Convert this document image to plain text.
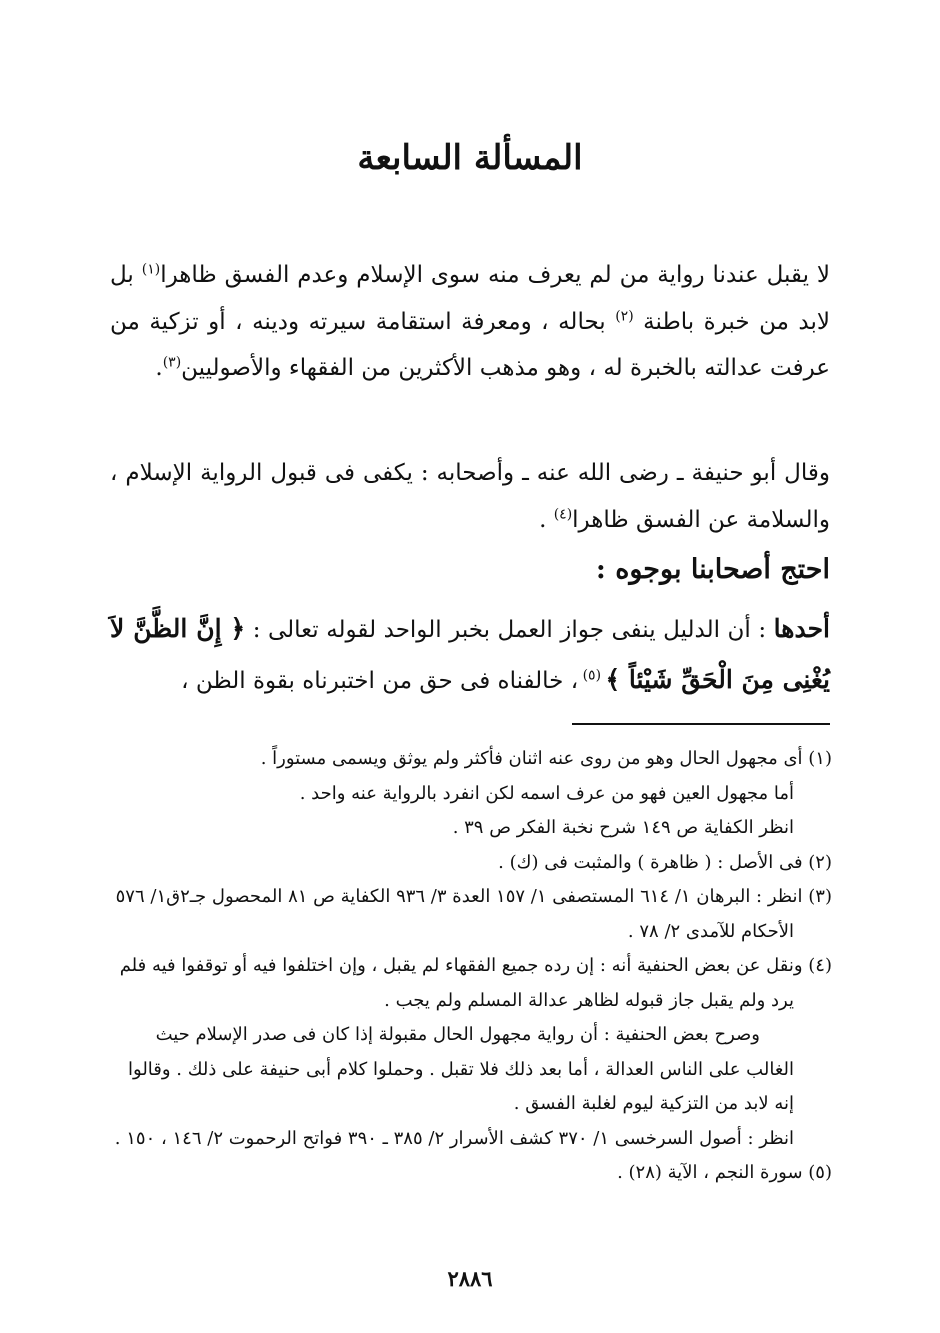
المسألة السابعة
لا يقبل عندنا رواية من لم يعرف منه سوى الإسلام وعدم الفسق ظاهرا$^{(١)}$ بل لابد من خبرة باطنة $^{(٢)}$ بحاله ، ومعرفة استقامة سيرته ودينه ، أو تزكية من عرفت عدالته بالخبرة له ، وهو مذهب الأكثرين من الفقهاء والأصوليين$^{(٣)}$.
وقال أبو حنيفة ـ رضى الله عنه ـ وأصحابه : يكفى فى قبول الرواية الإسلام ، والسلامة عن الفسق ظاهرا$^{(٤)}$ .
احتج أصحابنا بوجوه :
أحدها : أن الدليل ينفى جواز العمل بخبر الواحد لقوله تعالى : ﴿ إِنَّ الظَّنَّ لاَ يُغْنِى مِنَ الْحَقِّ شَيْئاً ﴾ $^{(٥)}$ ، خالفناه فى حق من اختبرناه بقوة الظن ،

(١) أى مجهول الحال وهو من روى عنه اثنان فأكثر ولم يوثق ويسمى مستوراً .

أما مجهول العين فهو من عرف اسمه لكن انفرد بالرواية عنه واحد .

انظر الكفاية ص ١٤٩ شرح نخبة الفكر ص ٣٩ .

(٢) فى الأصل : ( ظاهرة ) والمثبت فى (ك) .

(٣) انظر : البرهان ١/ ٦١٤ المستصفى ١/ ١٥٧ العدة ٣/ ٩٣٦ الكفاية ص ٨١ المحصول جـ٢ق١/ ٥٧٦ الأحكام للآمدى ٢/ ٧٨ .

(٤) ونقل عن بعض الحنفية أنه : إن رده جميع الفقهاء لم يقبل ، وإن اختلفوا فيه أو توقفوا فيه فلم يرد ولم يقبل جاز قبوله لظاهر عدالة المسلم ولم يجب .

وصرح بعض الحنفية : أن رواية مجهول الحال مقبولة إذا كان فى صدر الإسلام حيث الغالب على الناس العدالة ، أما بعد ذلك فلا تقبل . وحملوا كلام أبى حنيفة على ذلك . وقالوا إنه لابد من التزكية ليوم لغلبة الفسق .

انظر : أصول السرخسى ١/ ٣٧٠ كشف الأسرار ٢/ ٣٨٥ ـ ٣٩٠ فواتح الرحموت ٢/ ١٤٦ ، ١٥٠ .

(٥) سورة النجم ، الآية (٢٨) .

٢٨٨٦
